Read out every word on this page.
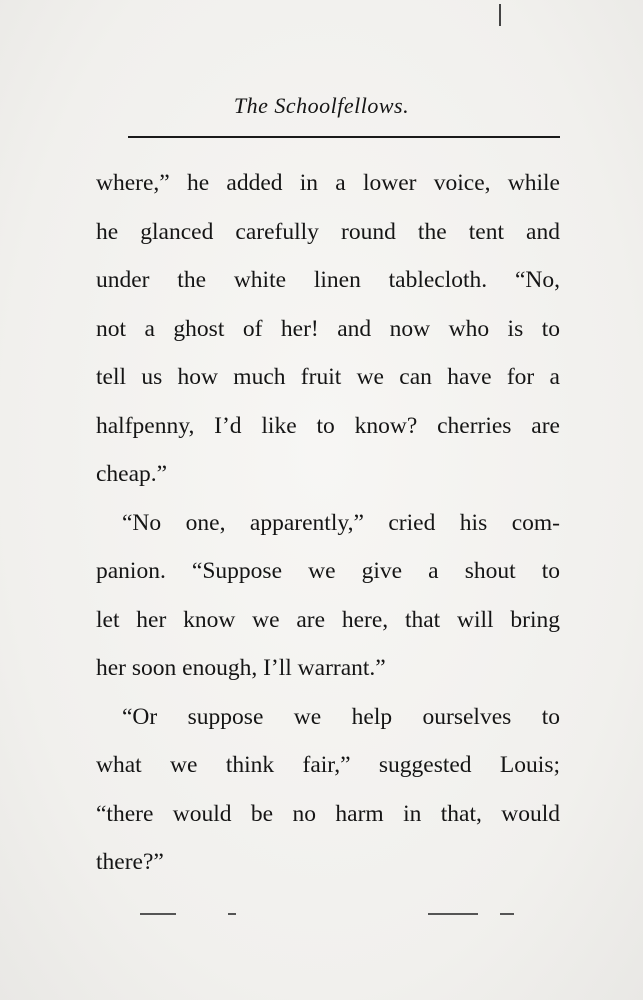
The Schoolfellows.
where,” he added in a lower voice, while
he glanced carefully round the tent and
under the white linen tablecloth. “No,
not a ghost of her! and now who is to
tell us how much fruit we can have for a
halfpenny, I’d like to know? cherries are
cheap.”
“No one, apparently,” cried his com-
panion. “Suppose we give a shout to
let her know we are here, that will bring
her soon enough, I’ll warrant.”
“Or suppose we help ourselves to
what we think fair,” suggested Louis;
“there would be no harm in that, would
there?”
